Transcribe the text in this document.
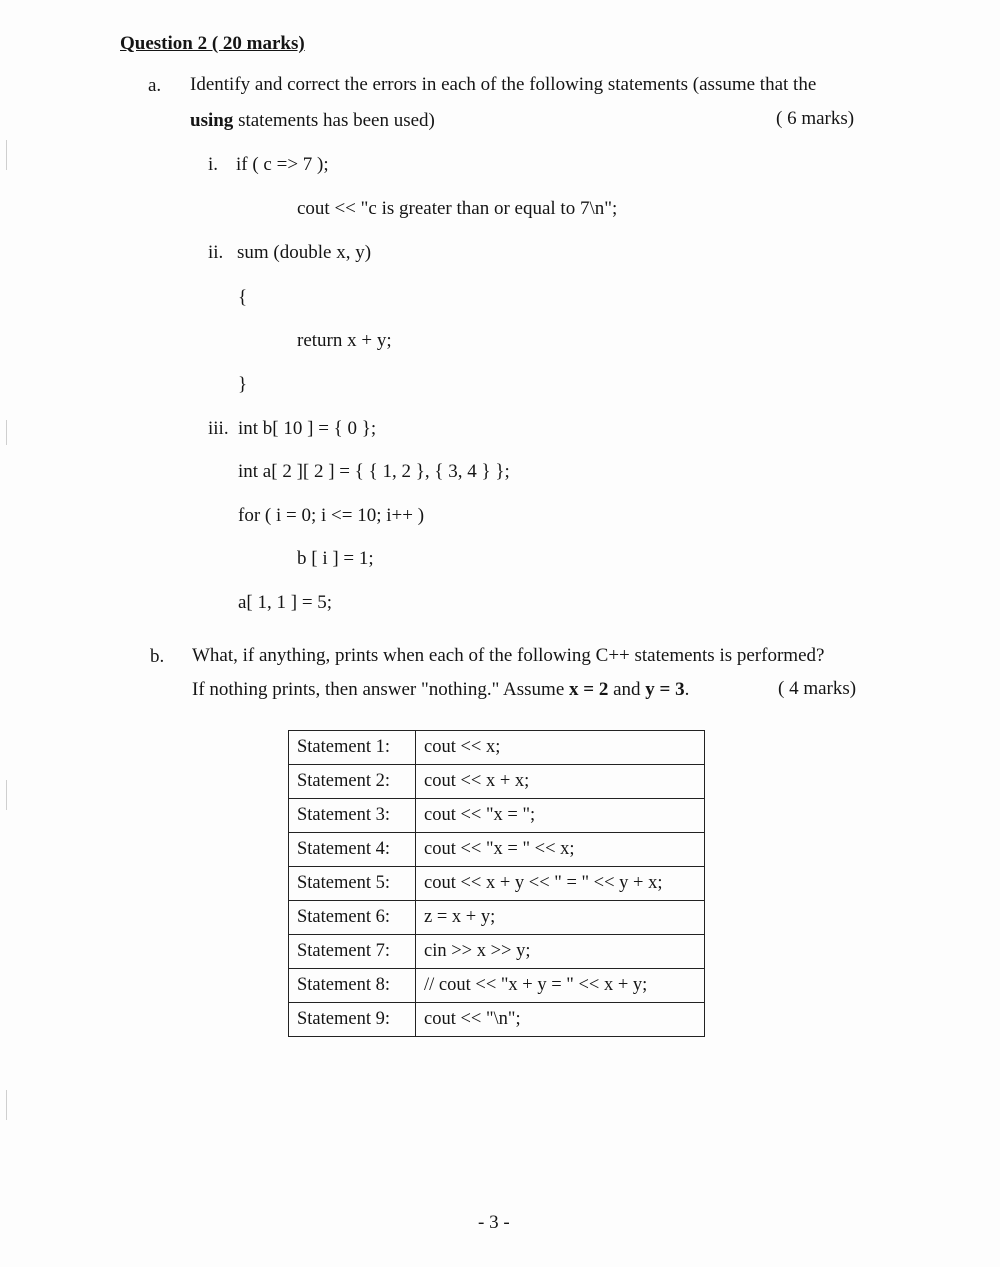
Question 2 ( 20 marks)
a. Identify and correct the errors in each of the following statements (assume that the
using statements has been used)	( 6 marks)
i. if ( c => 7 );
cout << "c is greater than or equal to 7\n";
ii. sum (double x, y)
{
return x + y;
}
iii. int b[ 10 ] = { 0 };
int a[ 2 ][ 2 ] = { { 1, 2 }, { 3, 4 } };
for ( i = 0; i <= 10; i++ )
b [ i ] = 1;
a[ 1, 1 ] = 5;
b. What, if anything, prints when each of the following C++ statements is performed?
If nothing prints, then answer "nothing." Assume x = 2 and y = 3.	( 4 marks)
Statement 1:	cout << x;
Statement 2:	cout << x + x;
Statement 3:	cout << "x = ";
Statement 4:	cout << "x = " << x;
Statement 5:	cout << x + y << " = " << y + x;
Statement 6:	z = x + y;
Statement 7:	cin >> x >> y;
Statement 8:	// cout << "x + y = " << x + y;
Statement 9:	cout << "\n";
- 3 -
